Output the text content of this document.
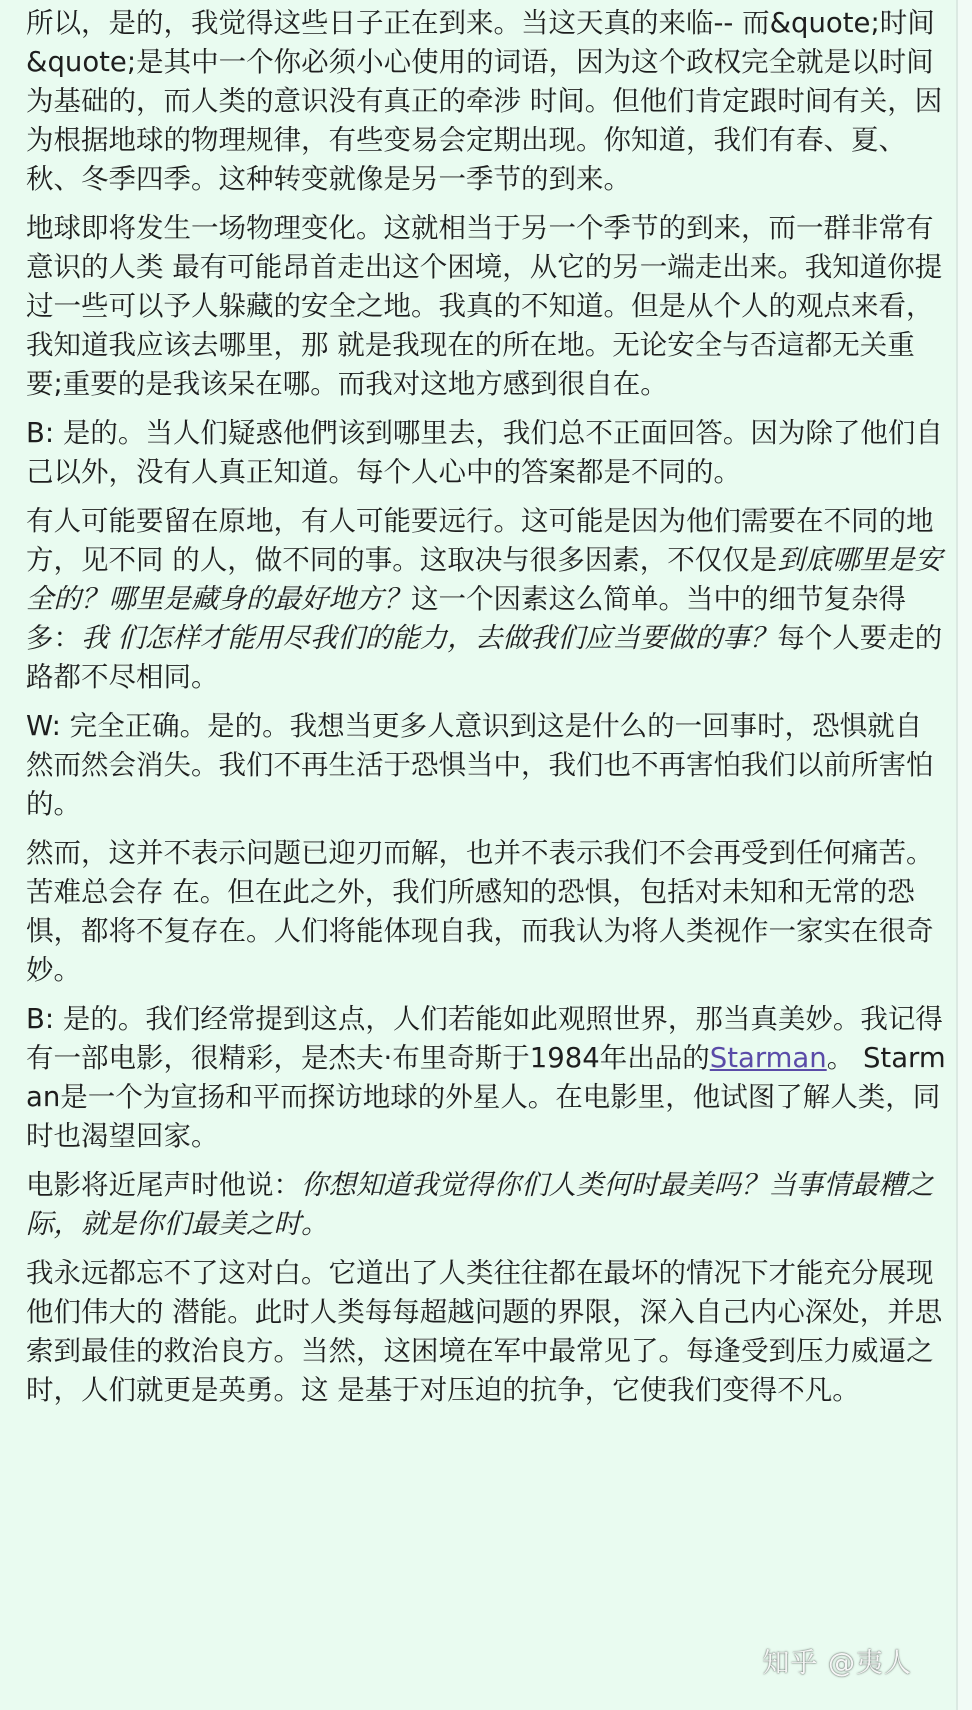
所以，是的，我觉得这些日子正在到来。当这天真的来临-- 而&quote;时间&quote;是其中一个你必须小心使用的词语，因为这个政权完全就是以时间为基础的，而人类的意识没有真正的牵涉 时间。但他们肯定跟时间有关，因为根据地球的物理规律，有些变易会定期出现。你知道，我们有春、夏、秋、冬季四季。这种转变就像是另一季节的到来。

地球即将发生一场物理变化。这就相当于另一个季节的到来，而一群非常有意识的人类 最有可能昂首走出这个困境，从它的另一端走出来。我知道你提过一些可以予人躲藏的安全之地。我真的不知道。但是从个人的观点来看，我知道我应该去哪里，那 就是我现在的所在地。无论安全与否這都无关重要;重要的是我该呆在哪。而我对这地方感到很自在。

B: 是的。当人们疑惑他們该到哪里去，我们总不正面回答。因为除了他们自己以外，没有人真正知道。每个人心中的答案都是不同的。

有人可能要留在原地，有人可能要远行。这可能是因为他们需要在不同的地方，见不同 的人，做不同的事。这取决与很多因素，不仅仅是到底哪里是安全的？哪里是藏身的最好地方？这一个因素这么简单。当中的细节复杂得多：我 们怎样才能用尽我们的能力，去做我们应当要做的事？每个人要走的路都不尽相同。

W: 完全正确。是的。我想当更多人意识到这是什么的一回事时，恐惧就自然而然会消失。我们不再生活于恐惧当中，我们也不再害怕我们以前所害怕的。

然而，这并不表示问题已迎刃而解，也并不表示我们不会再受到任何痛苦。苦难总会存 在。但在此之外，我们所感知的恐惧，包括对未知和无常的恐惧，都将不复存在。人们将能体现自我，而我认为将人类视作一家实在很奇妙。

B: 是的。我们经常提到这点，人们若能如此观照世界，那当真美妙。我记得有一部电影，很精彩，是杰夫·布里奇斯于1984年出品的Starman。 Starman是一个为宣扬和平而探访地球的外星人。在电影里，他试图了解人类，同时也渴望回家。

电影将近尾声时他说：你想知道我觉得你们人类何时最美吗？当事情最糟之 际，就是你们最美之时。

我永远都忘不了这对白。它道出了人类往往都在最坏的情况下才能充分展现他们伟大的 潜能。此时人类每每超越问题的界限，深入自己内心深处，并思索到最佳的救治良方。当然，这困境在军中最常见了。每逢受到压力威逼之时，人们就更是英勇。这 是基于对压迫的抗争，它使我们变得不凡。

知乎 @夷人
